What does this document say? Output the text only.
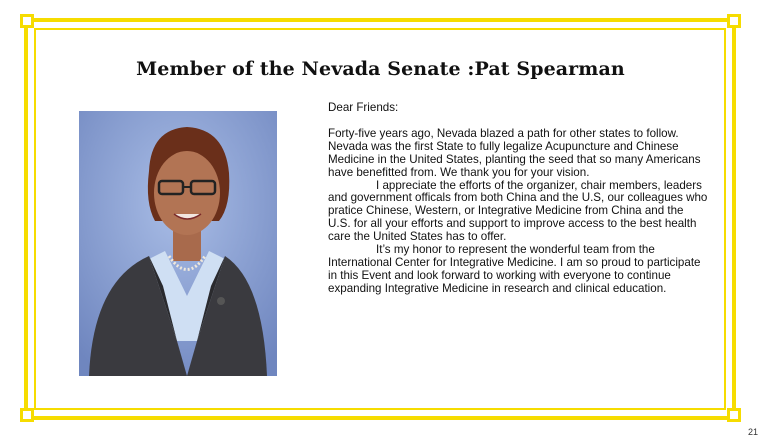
Member of the Nevada Senate :Pat Spearman

Dear Friends:

Forty-five years ago, Nevada blazed a path for other states to follow. Nevada was the first State to fully legalize Acupuncture and Chinese Medicine in the United States, planting the seed that so many Americans have benefitted from. We thank you for your vision.

I appreciate the efforts of the organizer, chair members, leaders and government officals from both China and the U.S, our colleagues who pratice Chinese, Western, or Integrative Medicine from China and the U.S. for all your efforts and support to improve access to the best health care the United States has to offer.

It’s my honor to represent the wonderful team from the International Center for Integrative Medicine. I am so proud to participate in this Event and look forward to working with everyone to continue expanding Integrative Medicine in research and clinical education.

21
